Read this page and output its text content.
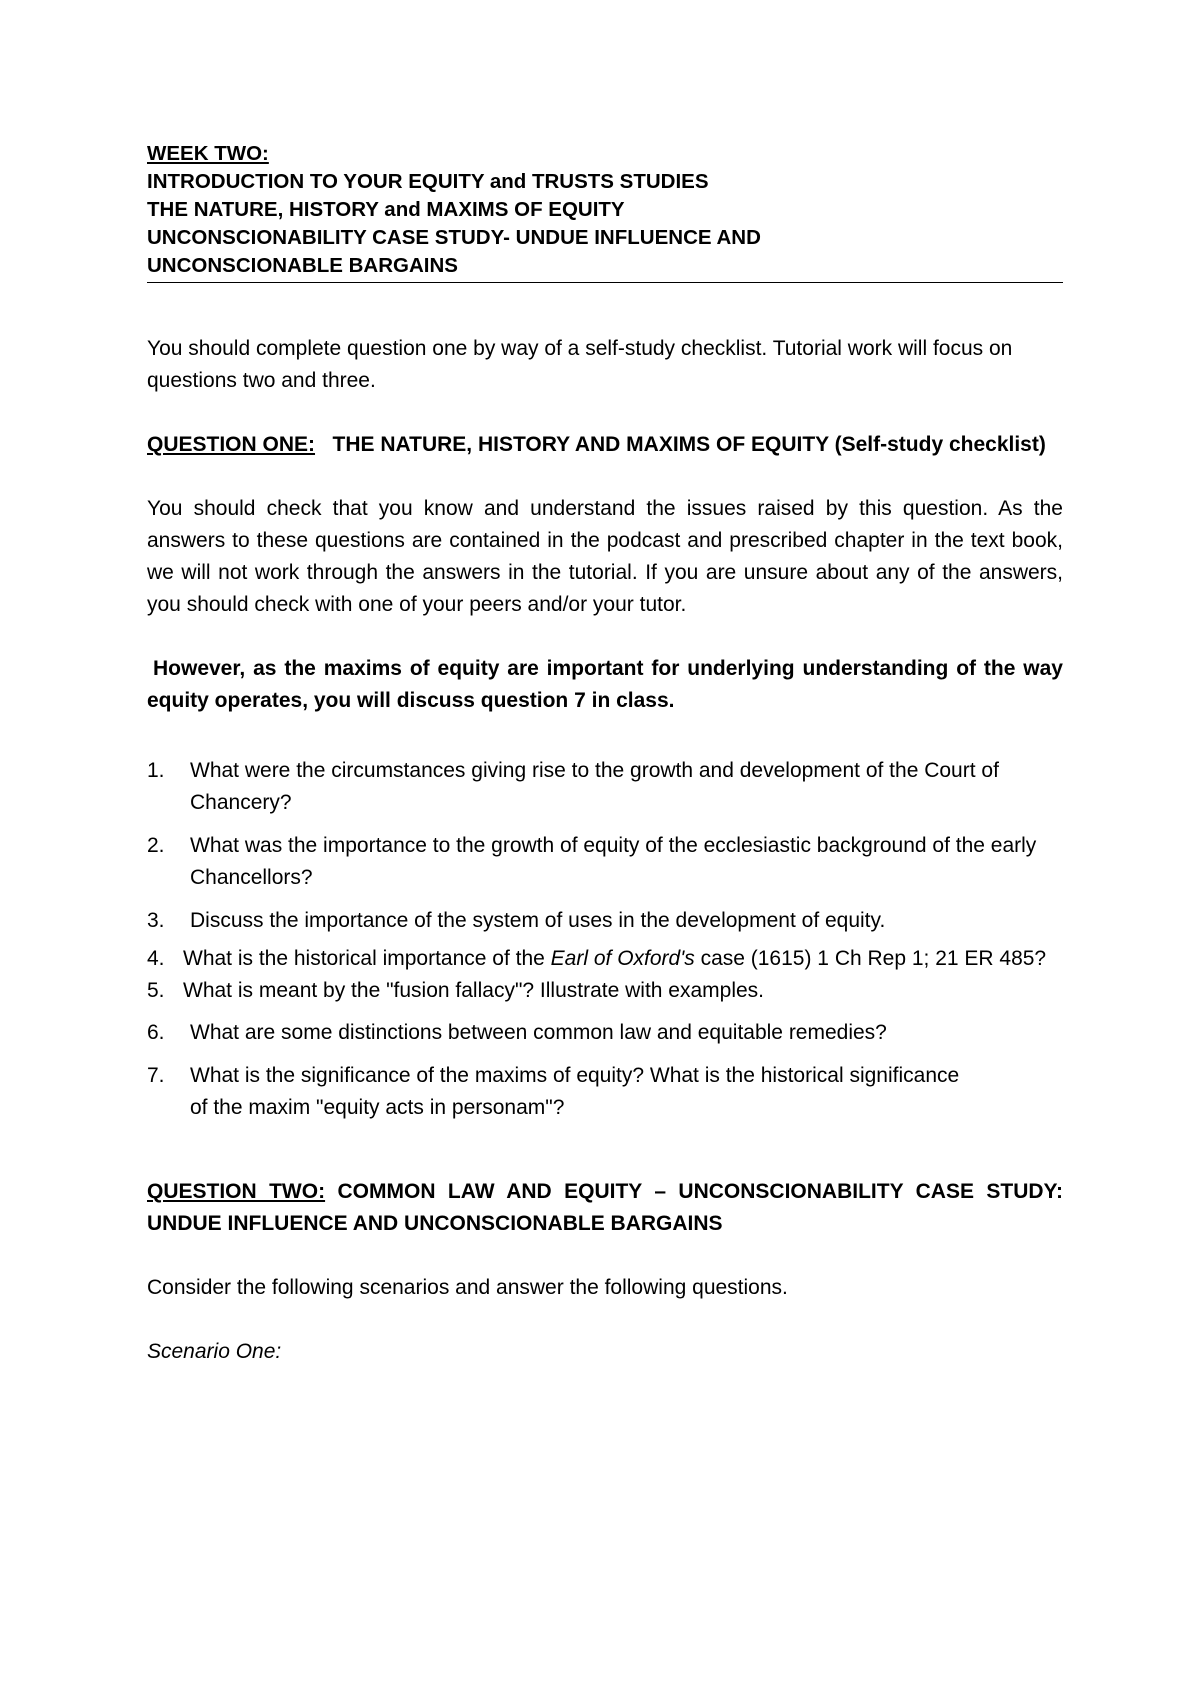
WEEK TWO:
INTRODUCTION TO YOUR EQUITY and TRUSTS STUDIES
THE NATURE, HISTORY and MAXIMS OF EQUITY
UNCONSCIONABILITY CASE STUDY- UNDUE INFLUENCE AND
UNCONSCIONABLE BARGAINS

You should complete question one by way of a self-study checklist. Tutorial work will focus on questions two and three.

QUESTION ONE: THE NATURE, HISTORY AND MAXIMS OF EQUITY (Self-study checklist)

You should check that you know and understand the issues raised by this question. As the answers to these questions are contained in the podcast and prescribed chapter in the text book, we will not work through the answers in the tutorial. If you are unsure about any of the answers, you should check with one of your peers and/or your tutor.

However, as the maxims of equity are important for underlying understanding of the way equity operates, you will discuss question 7 in class.

1. What were the circumstances giving rise to the growth and development of the Court of Chancery?
2. What was the importance to the growth of equity of the ecclesiastic background of the early Chancellors?
3. Discuss the importance of the system of uses in the development of equity.
4. What is the historical importance of the Earl of Oxford's case (1615) 1 Ch Rep 1; 21 ER 485?
5. What is meant by the "fusion fallacy"? Illustrate with examples.
6. What are some distinctions between common law and equitable remedies?
7. What is the significance of the maxims of equity? What is the historical significance of the maxim "equity acts in personam"?

QUESTION TWO: COMMON LAW AND EQUITY – UNCONSCIONABILITY CASE STUDY: UNDUE INFLUENCE AND UNCONSCIONABLE BARGAINS

Consider the following scenarios and answer the following questions.

Scenario One:
